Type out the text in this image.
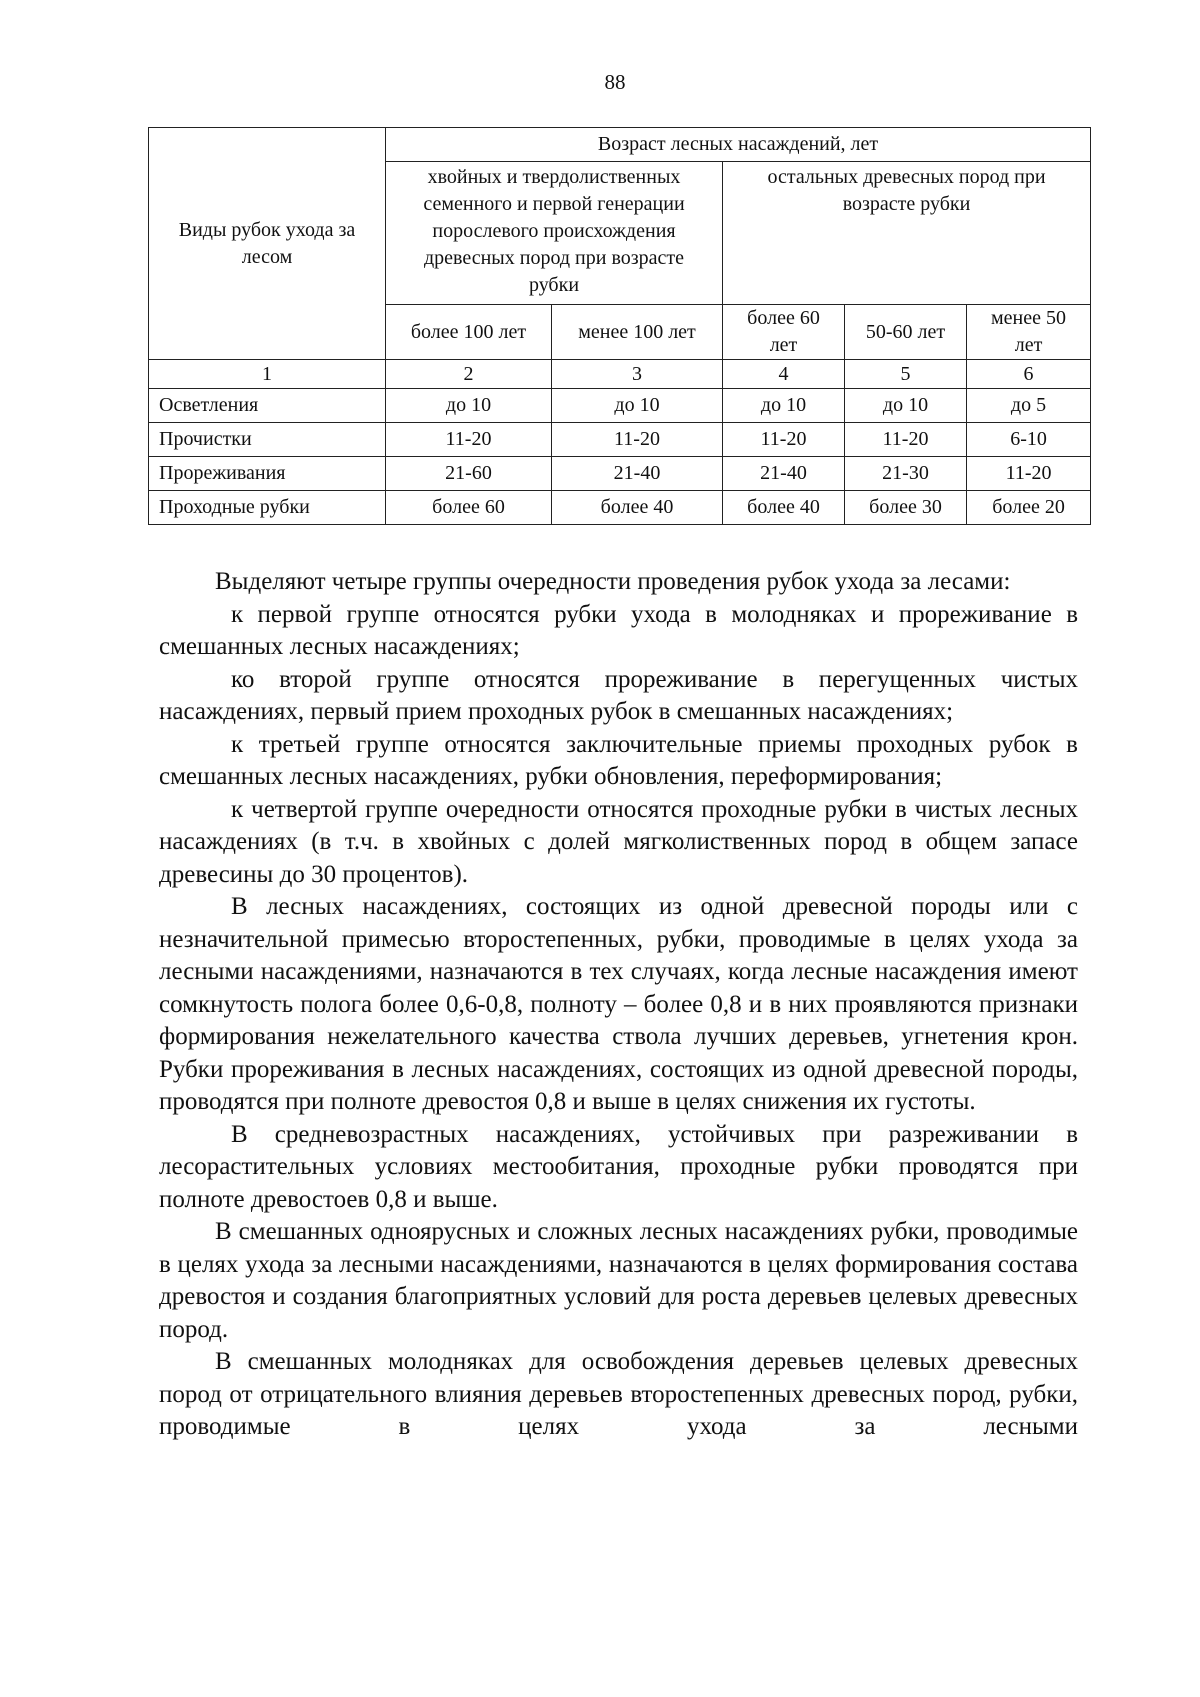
88
Виды рубок ухода за лесом	Возраст лесных насаждений, лет				
	хвойных и твердолиственных семенного и первой генерации порослевого происхождения древесных пород при возрасте рубки		остальных древесных пород при возрасте рубки		
	более 100 лет	менее 100 лет	более 60 лет	50-60 лет	менее 50 лет
1	2	3	4	5	6
Осветления	до 10	до 10	до 10	до 10	до 5
Прочистки	11-20	11-20	11-20	11-20	6-10
Прореживания	21-60	21-40	21-40	21-30	11-20
Проходные рубки	более 60	более 40	более 40	более 30	более 20

Выделяют четыре группы очередности проведения рубок ухода за лесами:

к первой группе относятся рубки ухода в молодняках и прореживание в смешанных лесных насаждениях;

ко второй группе относятся прореживание в перегущенных чистых насаждениях, первый прием проходных рубок в смешанных насаждениях;

к третьей группе относятся заключительные приемы проходных рубок в смешанных лесных насаждениях, рубки обновления, переформирования;

к четвертой группе очередности относятся проходные рубки в чистых лесных насаждениях (в т.ч. в хвойных с долей мягколиственных пород в общем запасе древесины до 30 процентов).

В лесных насаждениях, состоящих из одной древесной породы или с незначительной примесью второстепенных, рубки, проводимые в целях ухода за лесными насаждениями, назначаются в тех случаях, когда лесные насаждения имеют сомкнутость полога более 0,6-0,8, полноту – более 0,8 и в них проявляются признаки формирования нежелательного качества ствола лучших деревьев, угнетения крон. Рубки прореживания в лесных насаждениях, состоящих из одной древесной породы, проводятся при полноте древостоя 0,8 и выше в целях снижения их густоты.

В средневозрастных насаждениях, устойчивых при разреживании в лесорастительных условиях местообитания, проходные рубки проводятся при полноте древостоев 0,8 и выше.

В смешанных одноярусных и сложных лесных насаждениях рубки, проводимые в целях ухода за лесными насаждениями, назначаются в целях формирования состава древостоя и создания благоприятных условий для роста деревьев целевых древесных пород.

В смешанных молодняках для освобождения деревьев целевых древесных пород от отрицательного влияния деревьев второстепенных древесных пород, рубки, проводимые в целях ухода за лесными
